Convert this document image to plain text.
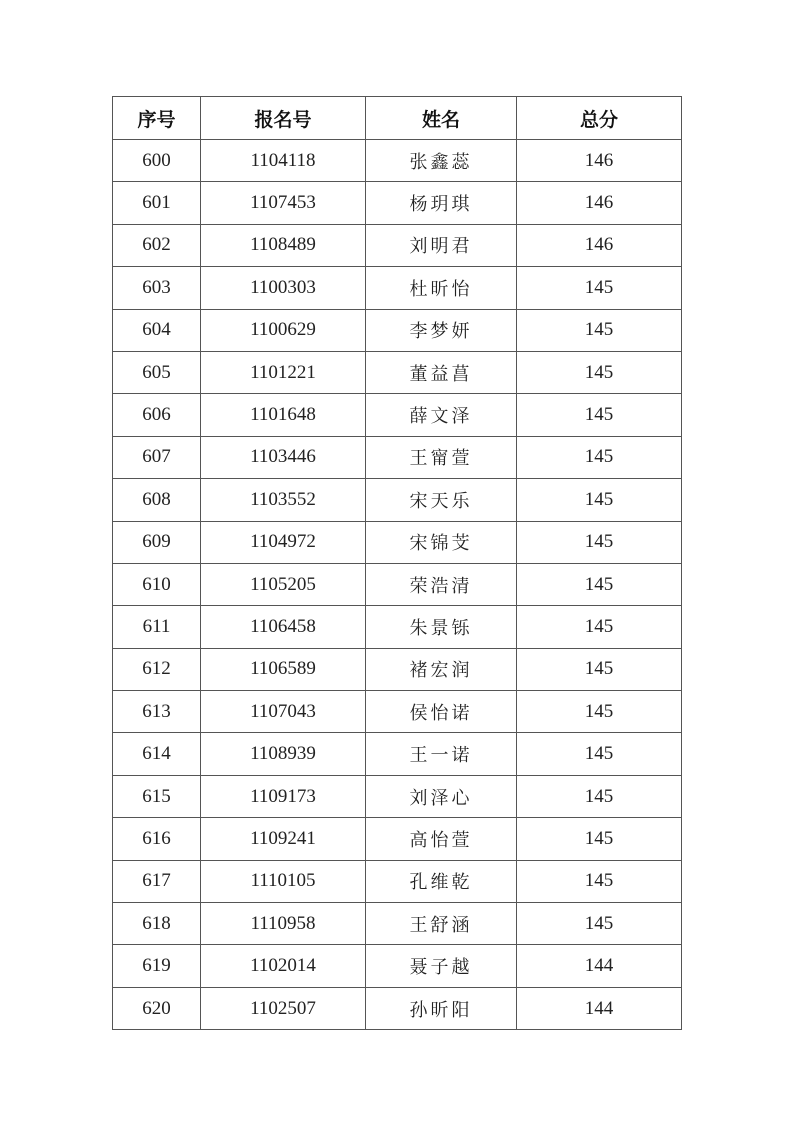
序号	报名号	姓名	总分
600	1104118	张鑫蕊	146
601	1107453	杨玥琪	146
602	1108489	刘明君	146
603	1100303	杜昕怡	145
604	1100629	李梦妍	145
605	1101221	董益菖	145
606	1101648	薛文泽	145
607	1103446	王甯萱	145
608	1103552	宋天乐	145
609	1104972	宋锦芠	145
610	1105205	荣浩清	145
611	1106458	朱景铄	145
612	1106589	褚宏润	145
613	1107043	侯怡诺	145
614	1108939	王一诺	145
615	1109173	刘泽心	145
616	1109241	高怡萱	145
617	1110105	孔维乾	145
618	1110958	王舒涵	145
619	1102014	聂子越	144
620	1102507	孙昕阳	144
